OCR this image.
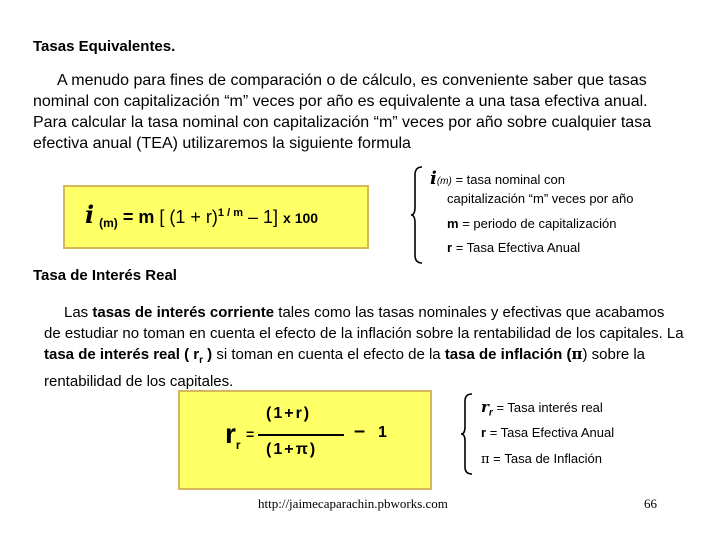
Tasas Equivalentes.
A menudo para fines de comparación o de cálculo, es conveniente saber que tasas nominal con capitalización “m” veces por año es equivalente a una tasa efectiva anual. Para calcular la tasa nominal con capitalización “m” veces por año sobre cualquier tasa efectiva anual (TEA) utilizaremos la siguiente formula
i $_{(m)}$ = m [ $(1 + r)^{1 / m} - 1$] x 100
i(m) = tasa nominal con
capitalización “m” veces por año
m = periodo de capitalización
r = Tasa Efectiva Anual
Tasa de Interés Real
Las tasas de interés corriente tales como las tasas nominales y efectivas que acabamos de estudiar no toman en cuenta el efecto de la inflación sobre la rentabilidad de los capitales. La tasa de interés real ( $r_r$ ) si toman en cuenta el efecto de la tasa de inflación (π) sobre la rentabilidad de los capitales.
$r_r$
=
(1+r)
(1+π)
– 1
$r_r$ = Tasa interés real
r = Tasa Efectiva Anual
π = Tasa de Inflación
http://jaimecaparachin.pbworks.com	66
